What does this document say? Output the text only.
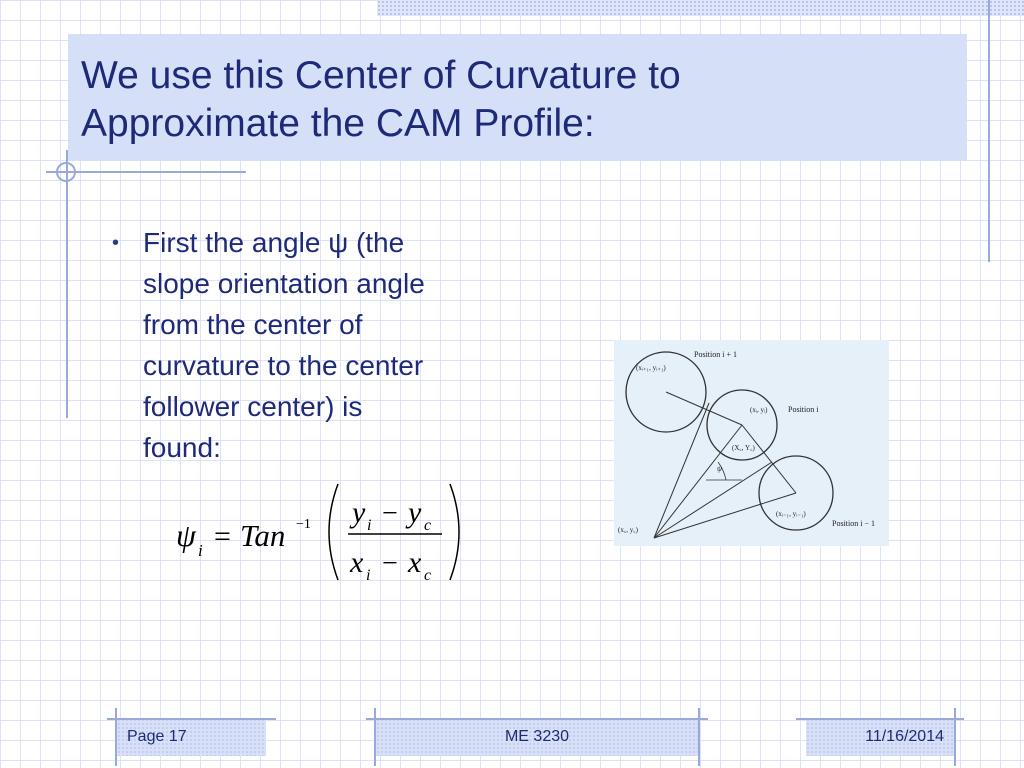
We use this Center of Curvature to
Approximate the CAM Profile:
• First the angle ψ (the
slope orientation angle
from the center of
curvature to the center
follower center) is
found:
ψ i = Tan −1 y i − y c
x i − x c
ψ
Position i + 1
Position i
Position i − 1
(xᵢ₊₁, yᵢ₊₁)
(xᵢ, yᵢ)
(X꜀, Y꜀)
(xᵢ₋₁, yᵢ₋₁)
(x꜀, y꜀)
Page 17	ME 3230	11/16/2014
